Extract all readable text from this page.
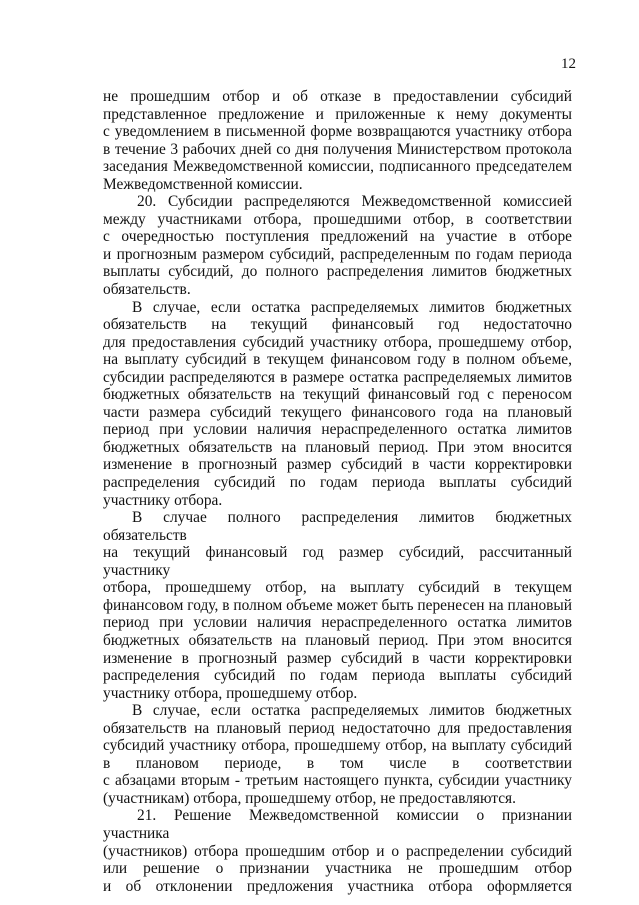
12

не прошедшим отбор и об отказе в предоставлении субсидий

представленное предложение и приложенные к нему документы

с уведомлением в письменной форме возвращаются участнику отбора

в течение 3 рабочих дней со дня получения Министерством протокола

заседания Межведомственной комиссии, подписанного председателем

Межведомственной комиссии.

20. Субсидии распределяются Межведомственной комиссией

между участниками отбора, прошедшими отбор, в соответствии

с очередностью поступления предложений на участие в отборе

и прогнозным размером субсидий, распределенным по годам периода

выплаты субсидий, до полного распределения лимитов бюджетных

обязательств.

В случае, если остатка распределяемых лимитов бюджетных

обязательств на текущий финансовый год недостаточно

для предоставления субсидий участнику отбора, прошедшему отбор,

на выплату субсидий в текущем финансовом году в полном объеме,

субсидии распределяются в размере остатка распределяемых лимитов

бюджетных обязательств на текущий финансовый год с переносом

части размера субсидий текущего финансового года на плановый

период при условии наличия нераспределенного остатка лимитов

бюджетных обязательств на плановый период. При этом вносится

изменение в прогнозный размер субсидий в части корректировки

распределения субсидий по годам периода выплаты субсидий

участнику отбора.

В случае полного распределения лимитов бюджетных обязательств

на текущий финансовый год размер субсидий, рассчитанный участнику

отбора, прошедшему отбор, на выплату субсидий в текущем

финансовом году, в полном объеме может быть перенесен на плановый

период при условии наличия нераспределенного остатка лимитов

бюджетных обязательств на плановый период. При этом вносится

изменение в прогнозный размер субсидий в части корректировки

распределения субсидий по годам периода выплаты субсидий

участнику отбора, прошедшему отбор.

В случае, если остатка распределяемых лимитов бюджетных

обязательств на плановый период недостаточно для предоставления

субсидий участнику отбора, прошедшему отбор, на выплату субсидий

в плановом периоде, в том числе в соответствии

с абзацами вторым - третьим настоящего пункта, субсидии участнику

(участникам) отбора, прошедшему отбор, не предоставляются.

21. Решение Межведомственной комиссии о признании участника

(участников) отбора прошедшим отбор и о распределении субсидий

или решение о признании участника не прошедшим отбор

и об отклонении предложения участника отбора оформляется
